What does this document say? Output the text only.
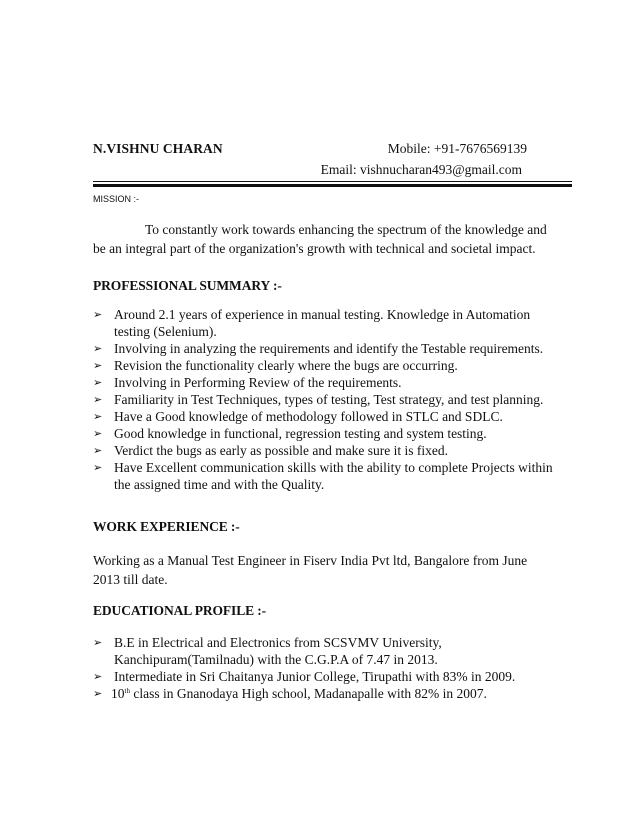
N.VISHNU CHARAN	Mobile: +91-7676569139
Email: vishnucharan493@gmail.com
MISSION :-
To constantly work towards enhancing the spectrum of the knowledge and
be an integral part of the organization's growth with technical and societal impact.
PROFESSIONAL SUMMARY :-
➢ Around 2.1 years of experience in manual testing. Knowledge in Automation testing (Selenium).
➢ Involving in analyzing the requirements and identify the Testable requirements.
➢ Revision the functionality clearly where the bugs are occurring.
➢ Involving in Performing Review of the requirements.
➢ Familiarity in Test Techniques, types of testing, Test strategy, and test planning.
➢ Have a Good knowledge of methodology followed in STLC and SDLC.
➢ Good knowledge in functional, regression testing and system testing.
➢ Verdict the bugs as early as possible and make sure it is fixed.
➢ Have Excellent communication skills with the ability to complete Projects within the assigned time and with the Quality.
WORK EXPERIENCE :-
Working as a Manual Test Engineer in Fiserv India Pvt ltd, Bangalore from June 2013 till date.
EDUCATIONAL PROFILE :-
➢ B.E in Electrical and Electronics from SCSVMV University, Kanchipuram(Tamilnadu) with the C.G.P.A of 7.47 in 2013.
➢ Intermediate in Sri Chaitanya Junior College, Tirupathi with 83% in 2009.
➢ 10th class in Gnanodaya High school, Madanapalle with 82% in 2007.
